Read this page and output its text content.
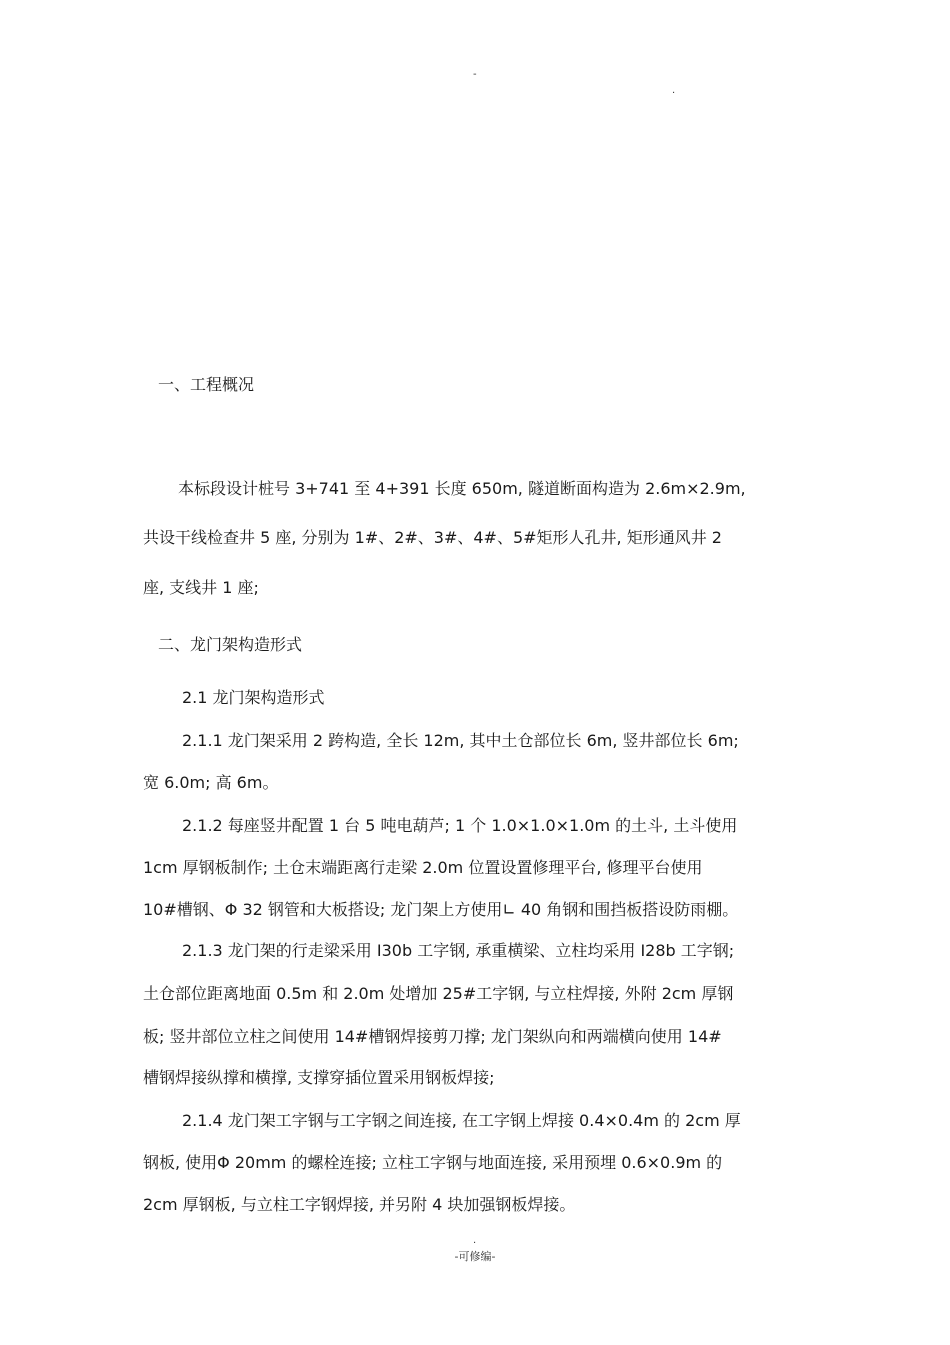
-
.
一、工程概况
本标段设计桩号 3+741 至 4+391 长度 650m, 隧道断面构造为 2.6m×2.9m,
共设干线检查井 5 座, 分别为 1#、2#、3#、4#、5#矩形人孔井, 矩形通风井 2
座, 支线井 1 座;
二、龙门架构造形式
2.1 龙门架构造形式
2.1.1 龙门架采用 2 跨构造, 全长 12m, 其中土仓部位长 6m, 竖井部位长 6m;
宽 6.0m; 高 6m。
2.1.2 每座竖井配置 1 台 5 吨电葫芦; 1 个 1.0×1.0×1.0m 的土斗, 土斗使用
1cm 厚钢板制作; 土仓末端距离行走梁 2.0m 位置设置修理平台, 修理平台使用
10#槽钢、Φ 32 钢管和大板搭设; 龙门架上方使用∟ 40 角钢和围挡板搭设防雨棚。
2.1.3 龙门架的行走梁采用 I30b 工字钢, 承重横梁、立柱均采用 I28b 工字钢;
土仓部位距离地面 0.5m 和 2.0m 处增加 25#工字钢, 与立柱焊接, 外附 2cm 厚钢
板; 竖井部位立柱之间使用 14#槽钢焊接剪刀撑; 龙门架纵向和两端横向使用 14#
槽钢焊接纵撑和横撑, 支撑穿插位置采用钢板焊接;
2.1.4 龙门架工字钢与工字钢之间连接, 在工字钢上焊接 0.4×0.4m 的 2cm 厚
钢板, 使用Φ 20mm 的螺栓连接; 立柱工字钢与地面连接, 采用预埋 0.6×0.9m 的
2cm 厚钢板, 与立柱工字钢焊接, 并另附 4 块加强钢板焊接。
.
-可修编-
